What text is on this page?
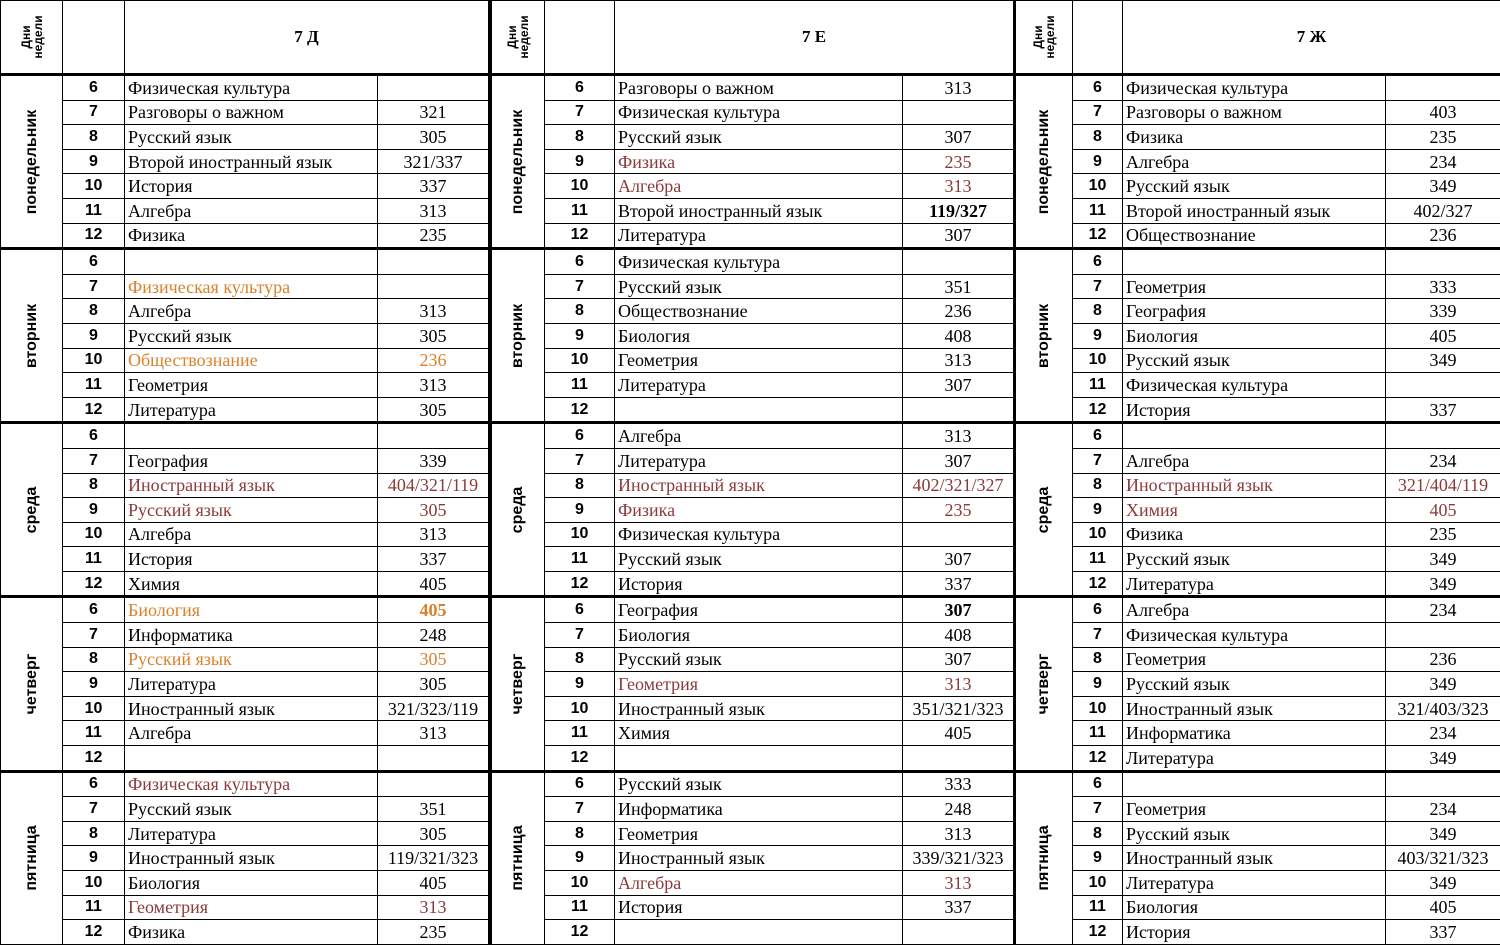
Дни
недели		7 Д	

понедельник	6	Физическая культура	
	7	Разговоры о важном	321
	8	Русский язык	305
	9	Второй иностранный язык	321/337
	10	История	337
	11	Алгебра	313
	12	Физика	235

вторник	6		
	7	Физическая культура	
	8	Алгебра	313
	9	Русский язык	305
	10	Обществознание	236
	11	Геометрия	313
	12	Литература	305

среда	6		
	7	География	339
	8	Иностранный язык	404/321/119
	9	Русский язык	305
	10	Алгебра	313
	11	История	337
	12	Химия	405

четверг	6	Биология	405
	7	Информатика	248
	8	Русский язык	305
	9	Литература	305
	10	Иностранный язык	321/323/119
	11	Алгебра	313
	12		

пятница	6	Физическая культура	
	7	Русский язык	351
	8	Литература	305
	9	Иностранный язык	119/321/323
	10	Биология	405
	11	Геометрия	313
	12	Физика	235
Дни
недели		7 Е	

понедельник	6	Разговоры о важном	313
	7	Физическая культура	
	8	Русский язык	307
	9	Физика	235
	10	Алгебра	313
	11	Второй иностранный язык	119/327
	12	Литература	307

вторник	6	Физическая культура	
	7	Русский язык	351
	8	Обществознание	236
	9	Биология	408
	10	Геометрия	313
	11	Литература	307
	12		

среда	6	Алгебра	313
	7	Литература	307
	8	Иностранный язык	402/321/327
	9	Физика	235
	10	Физическая культура	
	11	Русский язык	307
	12	История	337

четверг	6	География	307
	7	Биология	408
	8	Русский язык	307
	9	Геометрия	313
	10	Иностранный язык	351/321/323
	11	Химия	405
	12		

пятница	6	Русский язык	333
	7	Информатика	248
	8	Геометрия	313
	9	Иностранный язык	339/321/323
	10	Алгебра	313
	11	История	337
	12		
Дни
недели		7 Ж	

понедельник	6	Физическая культура	
	7	Разговоры о важном	403
	8	Физика	235
	9	Алгебра	234
	10	Русский язык	349
	11	Второй иностранный язык	402/327
	12	Обществознание	236

вторник	6		
	7	Геометрия	333
	8	География	339
	9	Биология	405
	10	Русский язык	349
	11	Физическая культура	
	12	История	337

среда	6		
	7	Алгебра	234
	8	Иностранный язык	321/404/119
	9	Химия	405
	10	Физика	235
	11	Русский язык	349
	12	Литература	349

четверг	6	Алгебра	234
	7	Физическая культура	
	8	Геометрия	236
	9	Русский язык	349
	10	Иностранный язык	321/403/323
	11	Информатика	234
	12	Литература	349

пятница	6		
	7	Геометрия	234
	8	Русский язык	349
	9	Иностранный язык	403/321/323
	10	Литература	349
	11	Биология	405
	12	История	337
